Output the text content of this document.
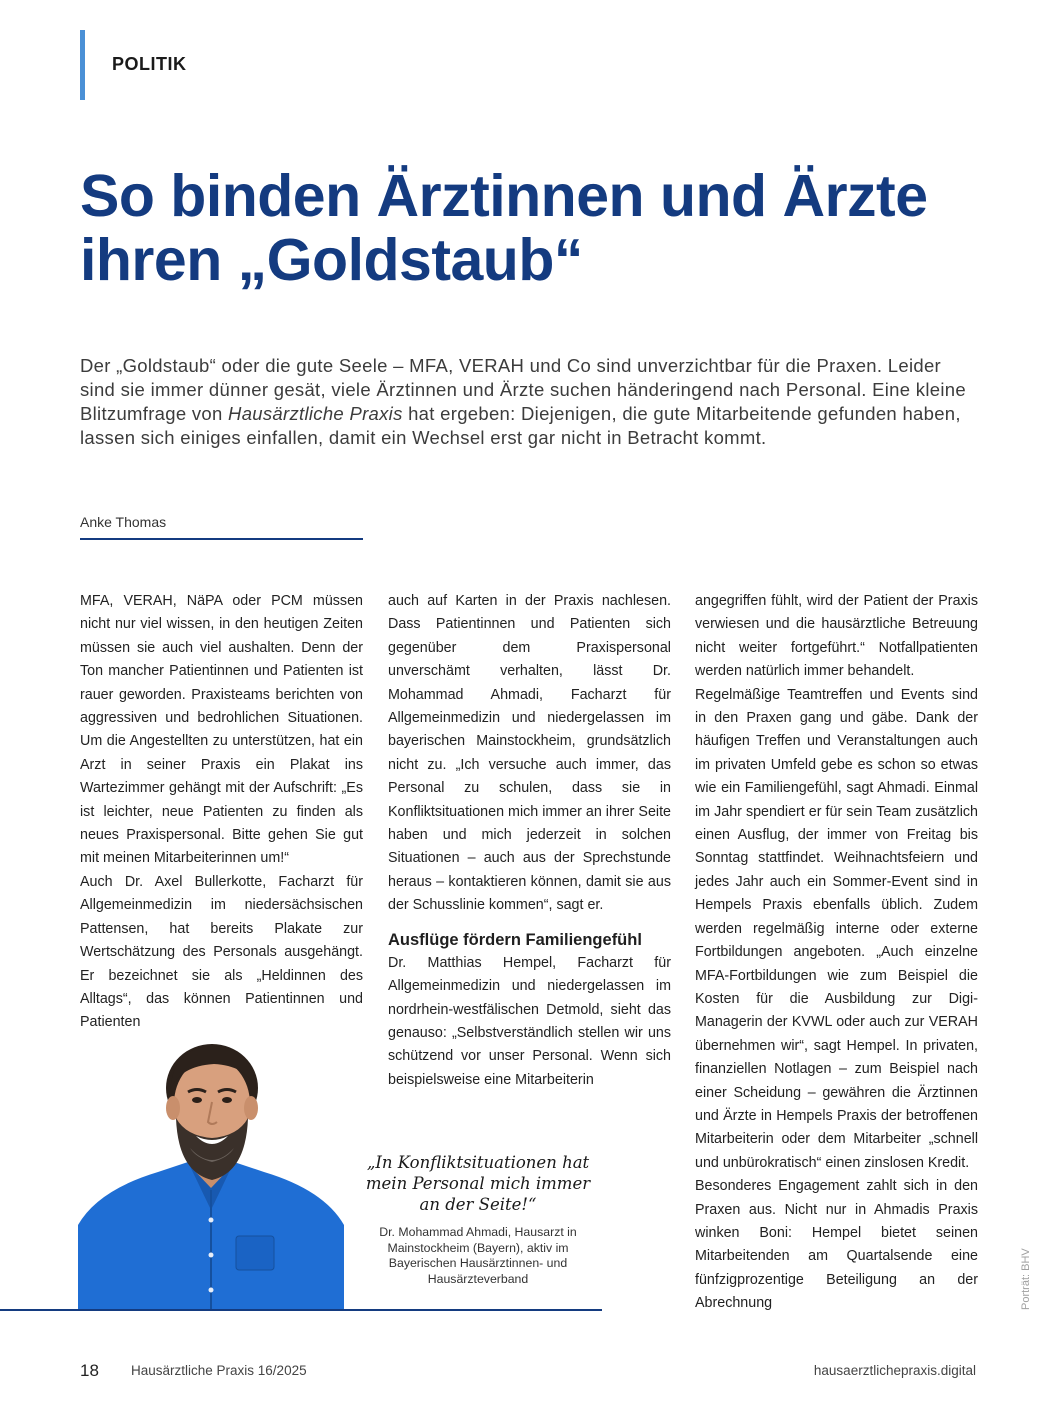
POLITIK
So binden Ärztinnen und Ärzte ihren „Goldstaub“

Der „Goldstaub“ oder die gute Seele – MFA, VERAH und Co sind unverzichtbar für die Praxen. Leider sind sie immer dünner gesät, viele Ärztinnen und Ärzte suchen händeringend nach Personal. Eine kleine Blitzumfrage von Hausärztliche Praxis hat ergeben: Diejenigen, die gute Mitarbeitende gefunden haben, lassen sich einiges einfallen, damit ein Wechsel erst gar nicht in Betracht kommt.

Anke Thomas

MFA, VERAH, NäPA oder PCM müssen nicht nur viel wissen, in den heutigen Zeiten müssen sie auch viel aushalten. Denn der Ton mancher Patientinnen und Patienten ist rauer geworden. Praxisteams berichten von aggressiven und bedrohlichen Situationen. Um die Angestellten zu unterstützen, hat ein Arzt in seiner Praxis ein Plakat ins Wartezimmer gehängt mit der Aufschrift: „Es ist leichter, neue Patienten zu finden als neues Praxispersonal. Bitte gehen Sie gut mit meinen Mitarbeiterinnen um!“

Auch Dr. Axel Bullerkotte, Facharzt für Allgemeinmedizin im niedersächsischen Pattensen, hat bereits Plakate zur Wertschätzung des Personals ausgehängt. Er bezeichnet sie als „Heldinnen des Alltags“, das können Patientinnen und Patienten

auch auf Karten in der Praxis nachlesen. Dass Patientinnen und Patienten sich gegenüber dem Praxispersonal unverschämt verhalten, lässt Dr. Mohammad Ahmadi, Facharzt für Allgemeinmedizin und niedergelassen im bayerischen Mainstockheim, grundsätzlich nicht zu. „Ich versuche auch immer, das Personal zu schulen, dass sie in Konfliktsituationen mich immer an ihrer Seite haben und mich jederzeit in solchen Situationen – auch aus der Sprechstunde heraus – kontaktieren können, damit sie aus der Schusslinie kommen“, sagt er.

Ausflüge fördern Familiengefühl

Dr. Matthias Hempel, Facharzt für Allgemeinmedizin und niedergelassen im nordrhein-westfälischen Detmold, sieht das genauso: „Selbstverständlich stellen wir uns schützend vor unser Personal. Wenn sich beispielsweise eine Mitarbeiterin

angegriffen fühlt, wird der Patient der Praxis verwiesen und die hausärztliche Betreuung nicht weiter fortgeführt.“ Notfallpatienten werden natürlich immer behandelt.

Regelmäßige Teamtreffen und Events sind in den Praxen gang und gäbe. Dank der häufigen Treffen und Veranstaltungen auch im privaten Umfeld gebe es schon so etwas wie ein Familiengefühl, sagt Ahmadi. Einmal im Jahr spendiert er für sein Team zusätzlich einen Ausflug, der immer von Freitag bis Sonntag stattfindet. Weihnachtsfeiern und jedes Jahr auch ein Sommer-Event sind in Hempels Praxis ebenfalls üblich. Zudem werden regelmäßig interne oder externe Fortbildungen angeboten. „Auch einzelne MFA-Fortbildungen wie zum Beispiel die Kosten für die Ausbildung zur Digi-Managerin der KVWL oder auch zur VERAH übernehmen wir“, sagt Hempel. In privaten, finanziellen Notlagen – zum Beispiel nach einer Scheidung – gewähren die Ärztinnen und Ärzte in Hempels Praxis der betroffenen Mitarbeiterin oder dem Mitarbeiter „schnell und unbürokratisch“ einen zinslosen Kredit.

Besonderes Engagement zahlt sich in den Praxen aus. Nicht nur in Ahmadis Praxis winken Boni: Hempel bietet seinen Mitarbeitenden am Quartalsende eine fünfzigprozentige Beteiligung an der Abrechnung

„In Konfliktsituationen hat mein Personal mich immer an der Seite!“

Dr. Mohammad Ahmadi, Hausarzt in Mainstockheim (Bayern), aktiv im Bayerischen Hausärztinnen- und Hausärzteverband	Porträt: BHV
18 Hausärztliche Praxis 16/2025	hausaerztlichepraxis.digital
